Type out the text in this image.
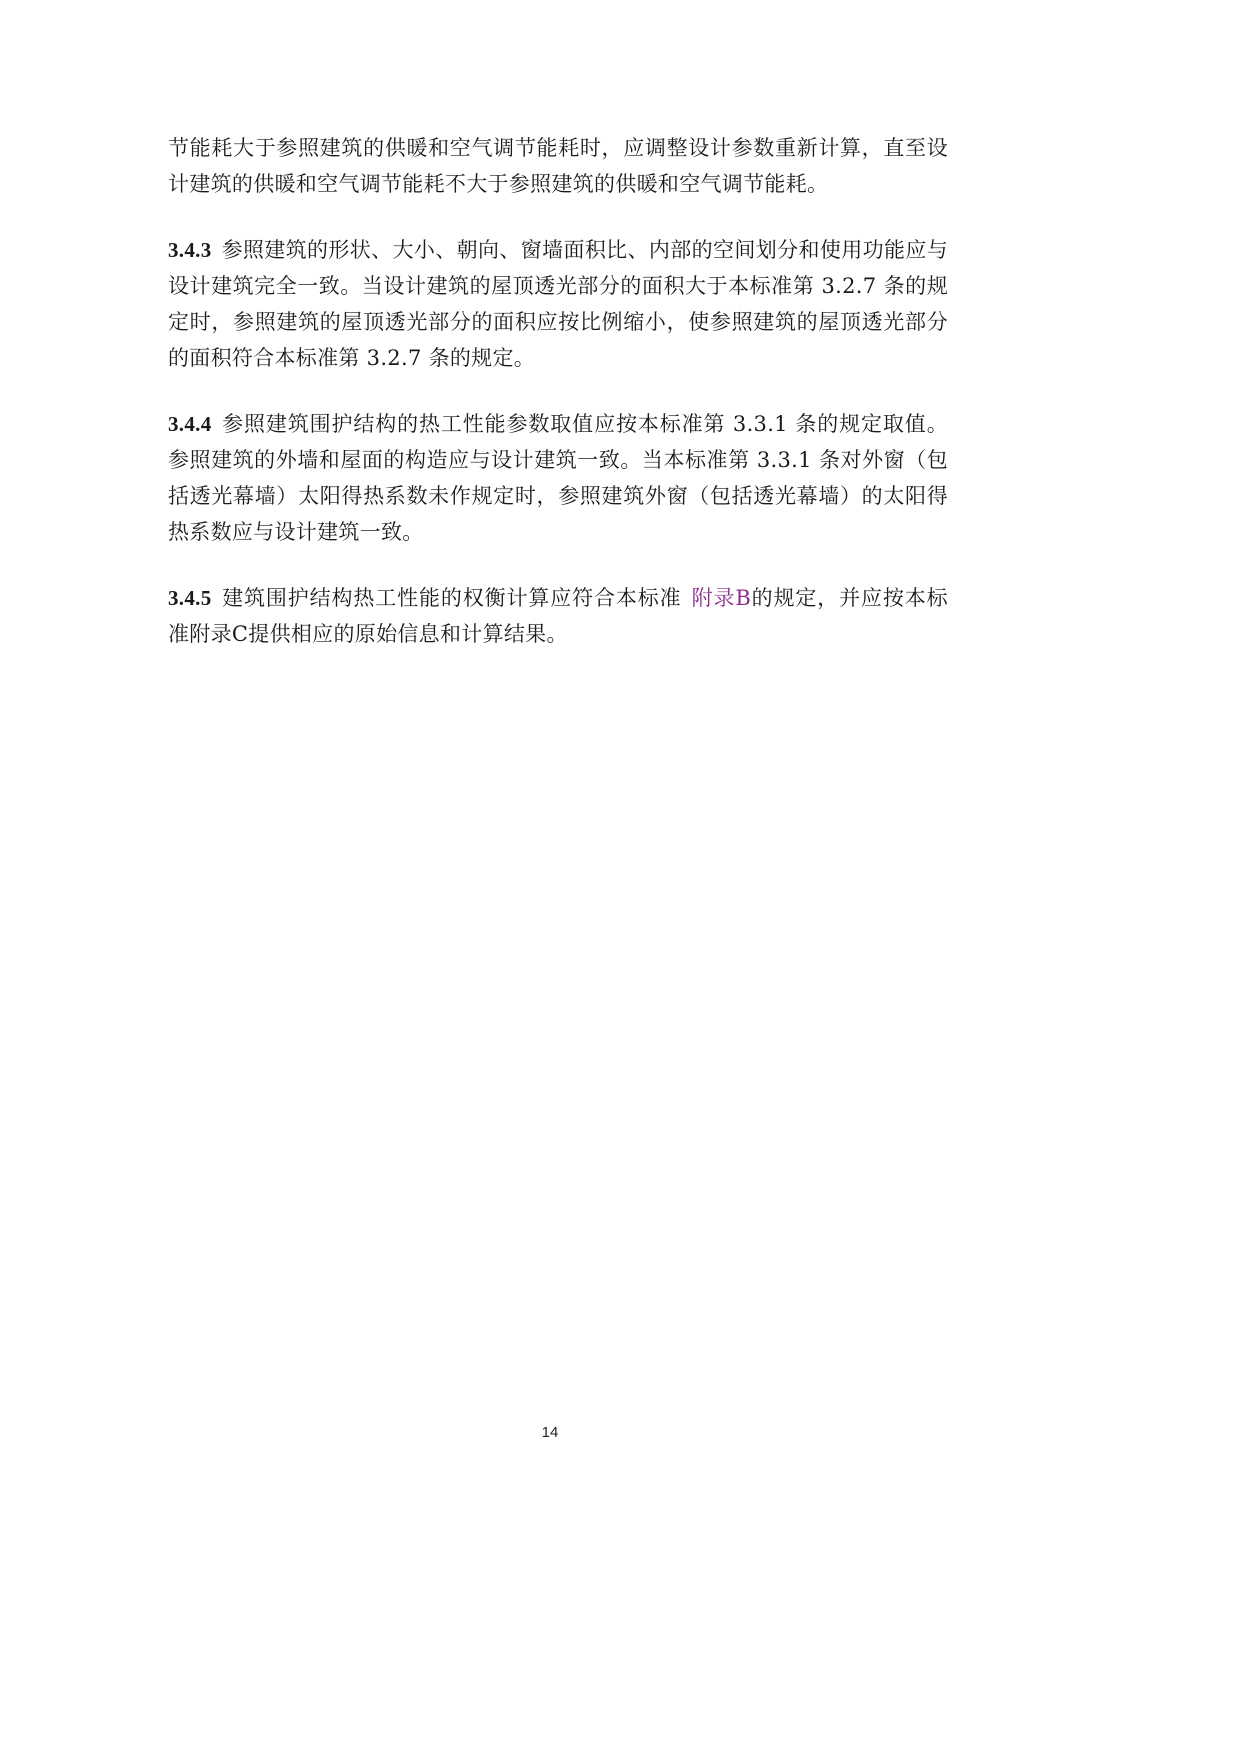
节能耗大于参照建筑的供暖和空气调节能耗时，应调整设计参数重新计算，直至设计建筑的供暖和空气调节能耗不大于参照建筑的供暖和空气调节能耗。

3.4.3 参照建筑的形状、大小、朝向、窗墙面积比、内部的空间划分和使用功能应与设计建筑完全一致。当设计建筑的屋顶透光部分的面积大于本标准第 3.2.7 条的规定时，参照建筑的屋顶透光部分的面积应按比例缩小，使参照建筑的屋顶透光部分的面积符合本标准第 3.2.7 条的规定。

3.4.4 参照建筑围护结构的热工性能参数取值应按本标准第 3.3.1 条的规定取值。参照建筑的外墙和屋面的构造应与设计建筑一致。当本标准第 3.3.1 条对外窗（包括透光幕墙）太阳得热系数未作规定时，参照建筑外窗（包括透光幕墙）的太阳得热系数应与设计建筑一致。

3.4.5 建筑围护结构热工性能的权衡计算应符合本标准 附录B的规定，并应按本标准附录C提供相应的原始信息和计算结果。

14
